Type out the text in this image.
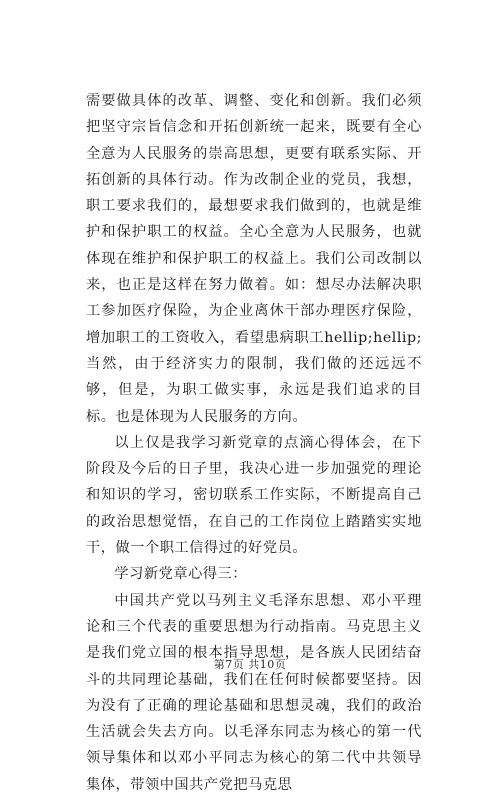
需要做具体的改革、调整、变化和创新。我们必须把坚守宗旨信念和开拓创新统一起来，既要有全心全意为人民服务的崇高思想，更要有联系实际、开拓创新的具体行动。作为改制企业的党员，我想，职工要求我们的，最想要求我们做到的，也就是维护和保护职工的权益。全心全意为人民服务，也就体现在维护和保护职工的权益上。我们公司改制以来，也正是这样在努力做着。如：想尽办法解决职工参加医疗保险，为企业离休干部办理医疗保险，增加职工的工资收入，看望患病职工hellip;hellip;当然，由于经济实力的限制，我们做的还远远不够，但是，为职工做实事，永远是我们追求的目标。也是体现为人民服务的方向。

以上仅是我学习新党章的点滴心得体会，在下阶段及今后的日子里，我决心进一步加强党的理论和知识的学习，密切联系工作实际，不断提高自己的政治思想觉悟，在自己的工作岗位上踏踏实实地干，做一个职工信得过的好党员。

学习新党章心得三：

中国共产党以马列主义毛泽东思想、邓小平理论和三个代表的重要思想为行动指南。马克思主义是我们党立国的根本指导思想，是各族人民团结奋斗的共同理论基础，我们在任何时候都要坚持。因为没有了正确的理论基础和思想灵魂，我们的政治生活就会失去方向。以毛泽东同志为核心的第一代领导集体和以邓小平同志为核心的第二代中共领导集体，带领中国共产党把马克思

第7页 共10页
